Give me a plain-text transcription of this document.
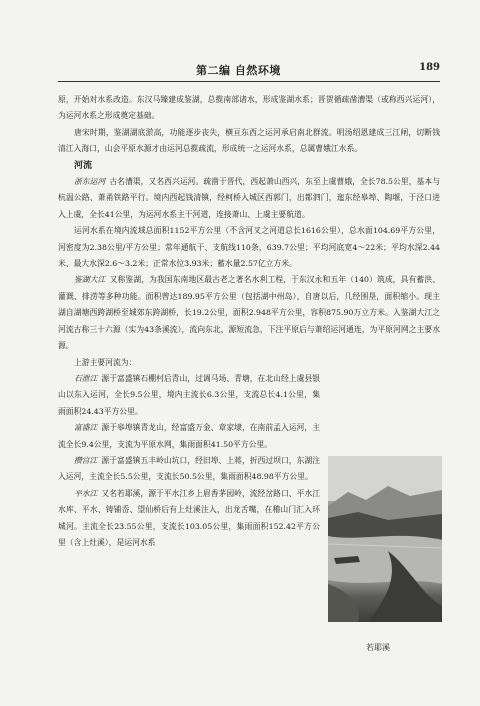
第二编 自然环境	189

原，开始对水系改造。东汉马臻建成鉴湖，总揽南部诸水，形成鉴湖水系；晋贺循疏凿漕渠（或称西兴运河），为运河水系之形成奠定基础。

唐宋时期，鉴湖湖底淤高，功能逐步丧失，横亘东西之运河承启南北群流。明汤绍恩建成三江闸，切断钱清江入海口，山会平原水源才由运河总揽疏流，形成统一之运河水系，总属曹娥江水系。

河流

浙东运河 古名漕渠，又名西兴运河。疏凿于晋代，西起萧山西兴，东至上虞曹娥，全长78.5公里，基本与杭温公路、萧甬铁路平行。境内西起钱清镇，经柯桥入城区西郭门，出都泗门，迤东经皋埠、陶堰，于泾口进入上虞，全长41公里，为运河水系主干河道，连接萧山、上虞主要航道。

运河水系在境内流域总面积1152平方公里（不含河叉之河道总长1616公里），总水面104.69平方公里，河密度为2.38公里/平方公里；常年通航干、支航线110条，639.7公里；平均河底宽4～22米；平均水深2.44米、最大水深2.6～3.2米；正常水位3.93米；蓄水量2.57亿立方米。

鉴湖大江 又称鉴湖，为我国东南地区最古老之著名水利工程，于东汉永和五年（140）筑成，具有蓄洪、灌溉、排涝等多种功能。面积曾达189.95平方公里（包括湖中州岛），自唐以后，几经围垦，面积缩小。现主湖自湖塘西跨湖桥至城郊东跨湖桥，长19.2公里，面积2.948平方公里，容积875.90万立方米。入鉴湖大江之河流古称三十六源（实为43条溪流），流向东北，源短流急，下注平原后与萧绍运河通连，为平原河网之主要水源。

上游主要河流为：

石泄江 源于富盛镇石棚村后青山，过调马场、青塘，在北山经上虞县银山以东入运河，全长9.5公里，境内主流长6.3公里，支流总长4.1公里，集雨面积24.43平方公里。

富盛江 源于皋埠镇青龙山，经富盛万金、章家埭，在南前孟入运河，主流全长9.4公里，支流为平原水网，集雨面积41.50平方公里。

攒宫江 源于富盛镇五丰岭山坑口，经旧埠、上蒋，折西过坝口，东湖注入运河，主流全长5.5公里，支流长50.5公里，集雨面积48.98平方公里。

平水江 又名若耶溪，源于平水江乡上眉香茅园岭，流经岔路口、平水江水库、平水、铸铺岙、望仙桥后有上灶溪注入，出龙舌嘴，在稽山门汇入环城河。主流全长23.55公里，支流长103.05公里，集雨面积152.42平方公里（含上灶溪），是运河水系

若耶溪
